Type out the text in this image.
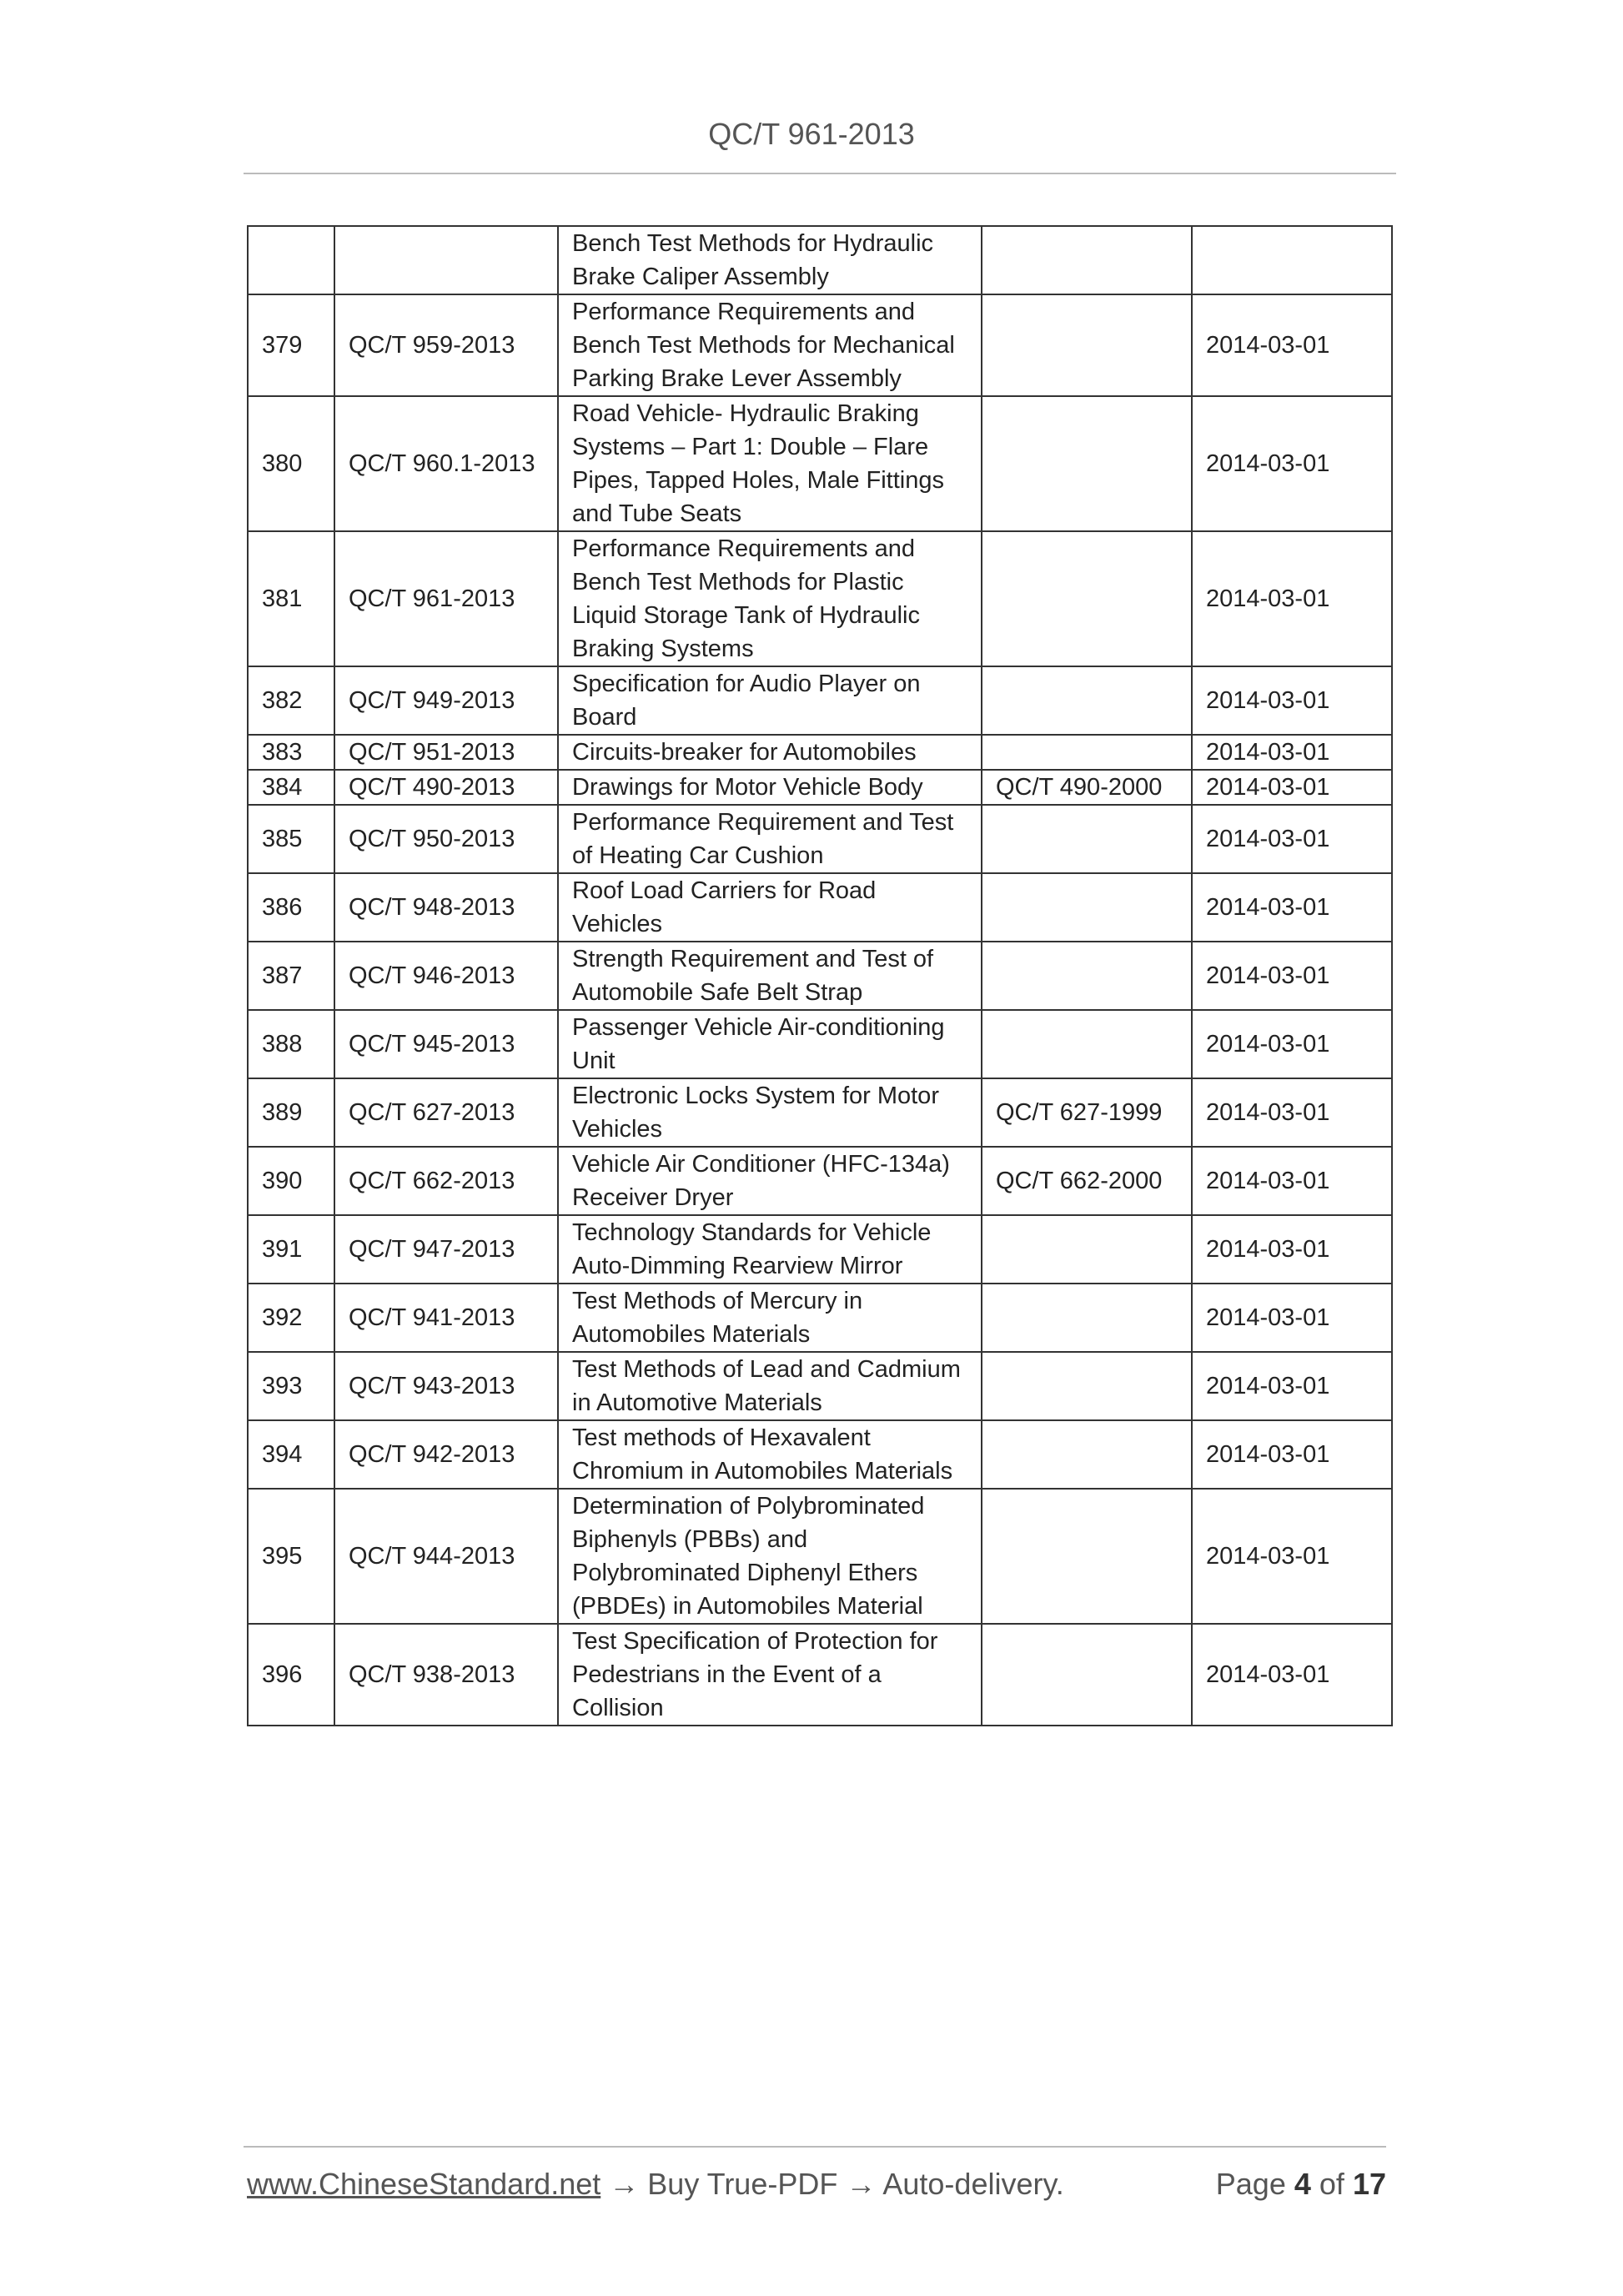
QC/T 961-2013
		Bench Test Methods for Hydraulic Brake Caliper Assembly		
379	QC/T 959-2013	Performance Requirements and Bench Test Methods for Mechanical Parking Brake Lever Assembly		2014-03-01
380	QC/T 960.1-2013	Road Vehicle- Hydraulic Braking Systems – Part 1: Double – Flare Pipes, Tapped Holes, Male Fittings and Tube Seats		2014-03-01
381	QC/T 961-2013	Performance Requirements and Bench Test Methods for Plastic Liquid Storage Tank of Hydraulic Braking Systems		2014-03-01
382	QC/T 949-2013	Specification for Audio Player on Board		2014-03-01
383	QC/T 951-2013	Circuits-breaker for Automobiles		2014-03-01
384	QC/T 490-2013	Drawings for Motor Vehicle Body	QC/T 490-2000	2014-03-01
385	QC/T 950-2013	Performance Requirement and Test of Heating Car Cushion		2014-03-01
386	QC/T 948-2013	Roof Load Carriers for Road Vehicles		2014-03-01
387	QC/T 946-2013	Strength Requirement and Test of Automobile Safe Belt Strap		2014-03-01
388	QC/T 945-2013	Passenger Vehicle Air-conditioning Unit		2014-03-01
389	QC/T 627-2013	Electronic Locks System for Motor Vehicles	QC/T 627-1999	2014-03-01
390	QC/T 662-2013	Vehicle Air Conditioner (HFC-134a) Receiver Dryer	QC/T 662-2000	2014-03-01
391	QC/T 947-2013	Technology Standards for Vehicle Auto-Dimming Rearview Mirror		2014-03-01
392	QC/T 941-2013	Test Methods of Mercury in Automobiles Materials		2014-03-01
393	QC/T 943-2013	Test Methods of Lead and Cadmium in Automotive Materials		2014-03-01
394	QC/T 942-2013	Test methods of Hexavalent Chromium in Automobiles Materials		2014-03-01
395	QC/T 944-2013	Determination of Polybrominated Biphenyls (PBBs) and Polybrominated Diphenyl Ethers (PBDEs) in Automobiles Material		2014-03-01
396	QC/T 938-2013	Test Specification of Protection for Pedestrians in the Event of a Collision		2014-03-01
www.ChineseStandard.net → Buy True-PDF → Auto-delivery.	Page 4 of 17
